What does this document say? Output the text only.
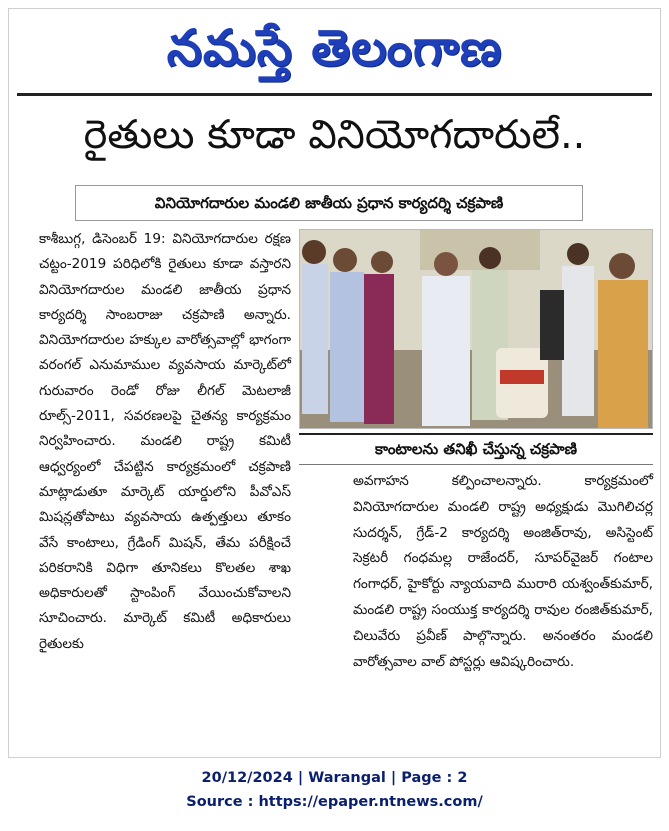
నమస్తే తెలంగాణ
రైతులు కూడా వినియోగదారులే..
వినియోగదారుల మండలి జాతీయ ప్రధాన కార్యదర్శి చక్రపాణి
కాశీబుగ్గ, డిసెంబర్ 19: వినియోగదారుల రక్షణ చట్టం-2019 పరిధిలోకి రైతులు కూడా వస్తారని వినియోగదారుల మండలి జాతీయ ప్రధాన కార్యదర్శి సాంబరాజు చక్రపాణి అన్నారు. వినియోగదారుల హక్కుల వారోత్సవాల్లో భాగంగా వరంగల్ ఎనుమాముల వ్యవసాయ మార్కెట్‌లో గురువారం రెండో రోజు లీగల్ మెటలాజీ రూల్స్-2011, సవరణలపై చైతన్య కార్యక్రమం నిర్వహించారు. మండలి రాష్ట్ర కమిటీ ఆధ్వర్యంలో చేపట్టిన కార్యక్రమంలో చక్రపాణి మాట్లాడుతూ మార్కెట్ యార్డులోని పీవోఎస్ మిషన్లతోపాటు వ్యవసాయ ఉత్పత్తులు తూకం వేసే కాంటాలు, గ్రేడింగ్ మిషన్, తేమ పరీక్షించే పరికరానికి విధిగా తూనికలు కొలతల శాఖ అధికారులతో స్టాంపింగ్ వేయించుకోవాలని సూచించారు. మార్కెట్ కమిటీ అధికారులు రైతులకు
కాంటాలను తనిఖీ చేస్తున్న చక్రపాణి
అవగాహన కల్పించాలన్నారు. కార్యక్రమంలో వినియోగదారుల మండలి రాష్ట్ర అధ్యక్షుడు మొగిలిచర్ల సుదర్శన్, గ్రేడ్-2 కార్యదర్శి అంజిత్‌రావు, అసిస్టెంట్ సెక్రటరీ గంధమల్ల రాజేందర్, సూపర్‌వైజర్ గంటాల గంగాధర్, హైకోర్టు న్యాయవాది మురారి యశ్వంత్‌కుమార్, మండలి రాష్ట్ర సంయుక్త కార్యదర్శి రావుల రంజిత్‌కుమార్, చిలువేరు ప్రవీణ్ పాల్గొన్నారు. అనంతరం మండలి వారోత్సవాల వాల్ పోస్టర్లు ఆవిష్కరించారు.
20/12/2024 | Warangal | Page : 2
Source : https://epaper.ntnews.com/
